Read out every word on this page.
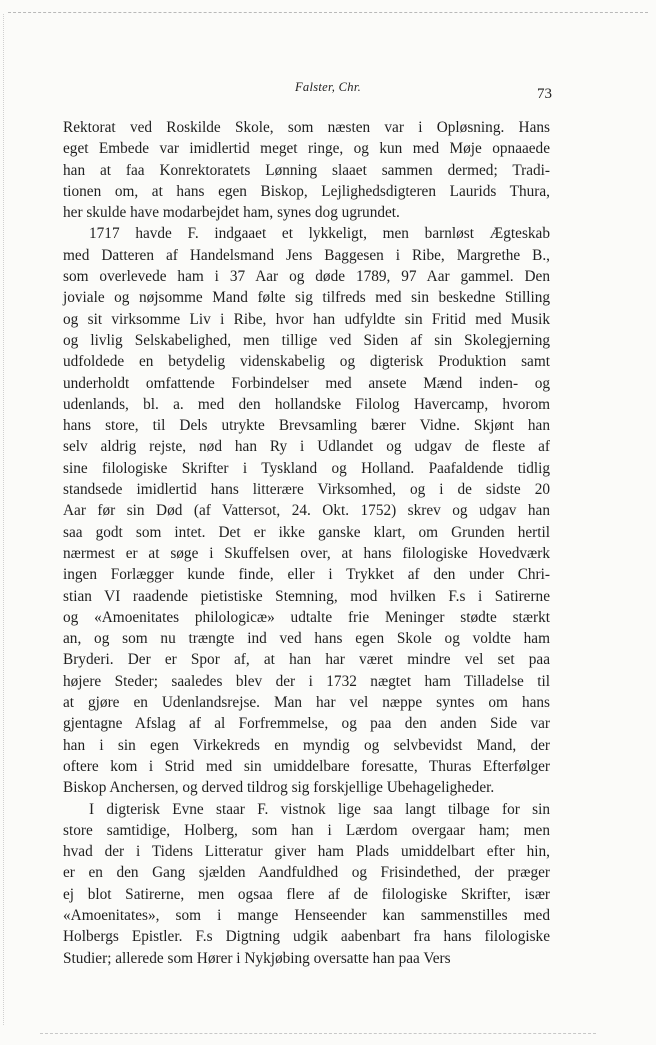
Falster, Chr.	73
Rektorat ved Roskilde Skole, som næsten var i Opløsning. Hans
eget Embede var imidlertid meget ringe, og kun med Møje opnaaede
han at faa Konrektoratets Lønning slaaet sammen dermed; Tradi-
tionen om, at hans egen Biskop, Lejlighedsdigteren Laurids Thura,
her skulde have modarbejdet ham, synes dog ugrundet.
1717 havde F. indgaaet et lykkeligt, men barnløst Ægteskab
med Datteren af Handelsmand Jens Baggesen i Ribe, Margrethe B.,
som overlevede ham i 37 Aar og døde 1789, 97 Aar gammel. Den
joviale og nøjsomme Mand følte sig tilfreds med sin beskedne Stilling
og sit virksomme Liv i Ribe, hvor han udfyldte sin Fritid med Musik
og livlig Selskabelighed, men tillige ved Siden af sin Skolegjerning
udfoldede en betydelig videnskabelig og digterisk Produktion samt
underholdt omfattende Forbindelser med ansete Mænd inden- og
udenlands, bl. a. med den hollandske Filolog Havercamp, hvorom
hans store, til Dels utrykte Brevsamling bærer Vidne. Skjønt han
selv aldrig rejste, nød han Ry i Udlandet og udgav de fleste af
sine filologiske Skrifter i Tyskland og Holland. Paafaldende tidlig
standsede imidlertid hans litterære Virksomhed, og i de sidste 20
Aar før sin Død (af Vattersot, 24. Okt. 1752) skrev og udgav han
saa godt som intet. Det er ikke ganske klart, om Grunden hertil
nærmest er at søge i Skuffelsen over, at hans filologiske Hovedværk
ingen Forlægger kunde finde, eller i Trykket af den under Chri-
stian VI raadende pietistiske Stemning, mod hvilken F.s i Satirerne
og «Amoenitates philologicæ» udtalte frie Meninger stødte stærkt
an, og som nu trængte ind ved hans egen Skole og voldte ham
Bryderi. Der er Spor af, at han har været mindre vel set paa
højere Steder; saaledes blev der i 1732 nægtet ham Tilladelse til
at gjøre en Udenlandsrejse. Man har vel næppe syntes om hans
gjentagne Afslag af al Forfremmelse, og paa den anden Side var
han i sin egen Virkekreds en myndig og selvbevidst Mand, der
oftere kom i Strid med sin umiddelbare foresatte, Thuras Efterfølger
Biskop Anchersen, og derved tildrog sig forskjellige Ubehageligheder.
I digterisk Evne staar F. vistnok lige saa langt tilbage for sin
store samtidige, Holberg, som han i Lærdom overgaar ham; men
hvad der i Tidens Litteratur giver ham Plads umiddelbart efter hin,
er en den Gang sjælden Aandfuldhed og Frisindethed, der præger
ej blot Satirerne, men ogsaa flere af de filologiske Skrifter, især
«Amoenitates», som i mange Henseender kan sammenstilles med
Holbergs Epistler. F.s Digtning udgik aabenbart fra hans filologiske
Studier; allerede som Hører i Nykjøbing oversatte han paa Vers
